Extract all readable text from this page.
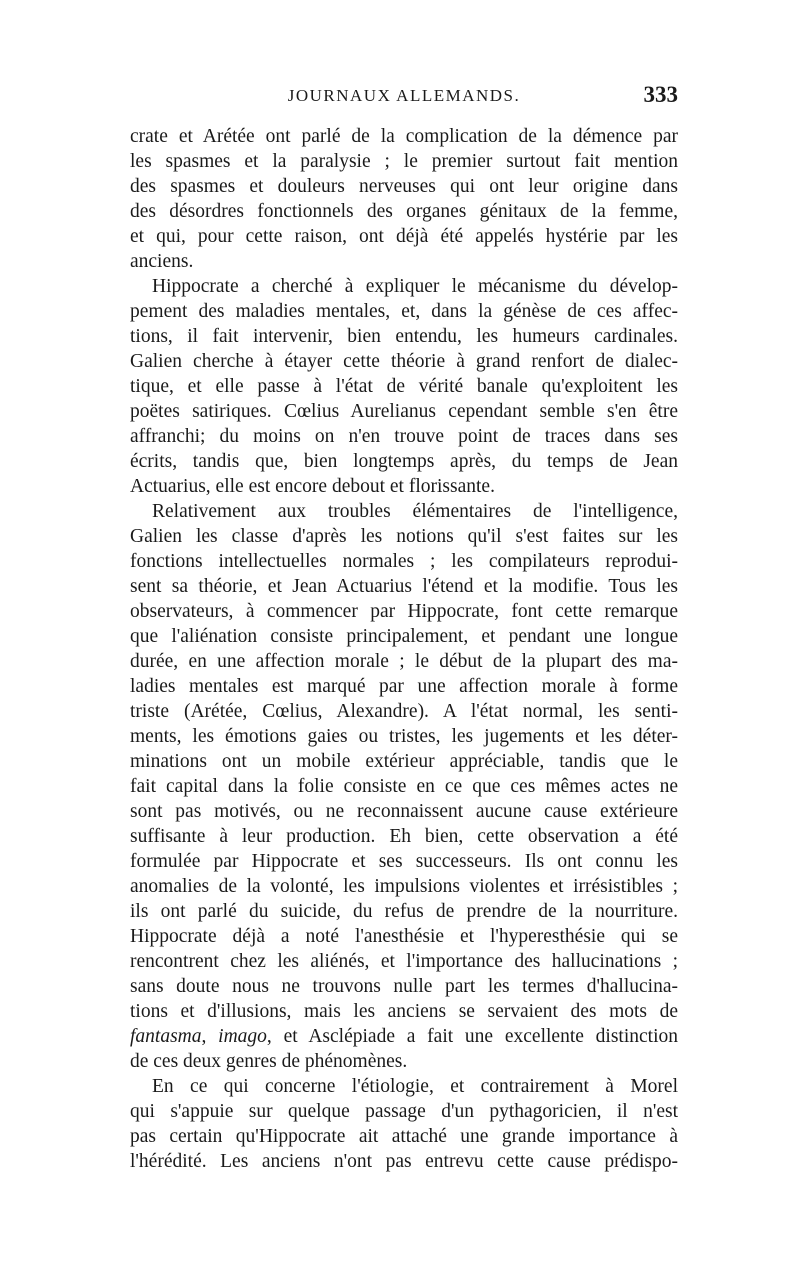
JOURNAUX ALLEMANDS.	333
crate et Arétée ont parlé de la complication de la démence par
les spasmes et la paralysie ; le premier surtout fait mention
des spasmes et douleurs nerveuses qui ont leur origine dans
des désordres fonctionnels des organes génitaux de la femme,
et qui, pour cette raison, ont déjà été appelés hystérie par les
anciens.
Hippocrate a cherché à expliquer le mécanisme du dévelop-
pement des maladies mentales, et, dans la génèse de ces affec-
tions, il fait intervenir, bien entendu, les humeurs cardinales.
Galien cherche à étayer cette théorie à grand renfort de dialec-
tique, et elle passe à l'état de vérité banale qu'exploitent les
poëtes satiriques. Cœlius Aurelianus cependant semble s'en être
affranchi; du moins on n'en trouve point de traces dans ses
écrits, tandis que, bien longtemps après, du temps de Jean
Actuarius, elle est encore debout et florissante.
Relativement aux troubles élémentaires de l'intelligence,
Galien les classe d'après les notions qu'il s'est faites sur les
fonctions intellectuelles normales ; les compilateurs reprodui-
sent sa théorie, et Jean Actuarius l'étend et la modifie. Tous les
observateurs, à commencer par Hippocrate, font cette remarque
que l'aliénation consiste principalement, et pendant une longue
durée, en une affection morale ; le début de la plupart des ma-
ladies mentales est marqué par une affection morale à forme
triste (Arétée, Cœlius, Alexandre). A l'état normal, les senti-
ments, les émotions gaies ou tristes, les jugements et les déter-
minations ont un mobile extérieur appréciable, tandis que le
fait capital dans la folie consiste en ce que ces mêmes actes ne
sont pas motivés, ou ne reconnaissent aucune cause extérieure
suffisante à leur production. Eh bien, cette observation a été
formulée par Hippocrate et ses successeurs. Ils ont connu les
anomalies de la volonté, les impulsions violentes et irrésistibles ;
ils ont parlé du suicide, du refus de prendre de la nourriture.
Hippocrate déjà a noté l'anesthésie et l'hyperesthésie qui se
rencontrent chez les aliénés, et l'importance des hallucinations ;
sans doute nous ne trouvons nulle part les termes d'hallucina-
tions et d'illusions, mais les anciens se servaient des mots de
fantasma, imago, et Asclépiade a fait une excellente distinction
de ces deux genres de phénomènes.
En ce qui concerne l'étiologie, et contrairement à Morel
qui s'appuie sur quelque passage d'un pythagoricien, il n'est
pas certain qu'Hippocrate ait attaché une grande importance à
l'hérédité. Les anciens n'ont pas entrevu cette cause prédispo-
